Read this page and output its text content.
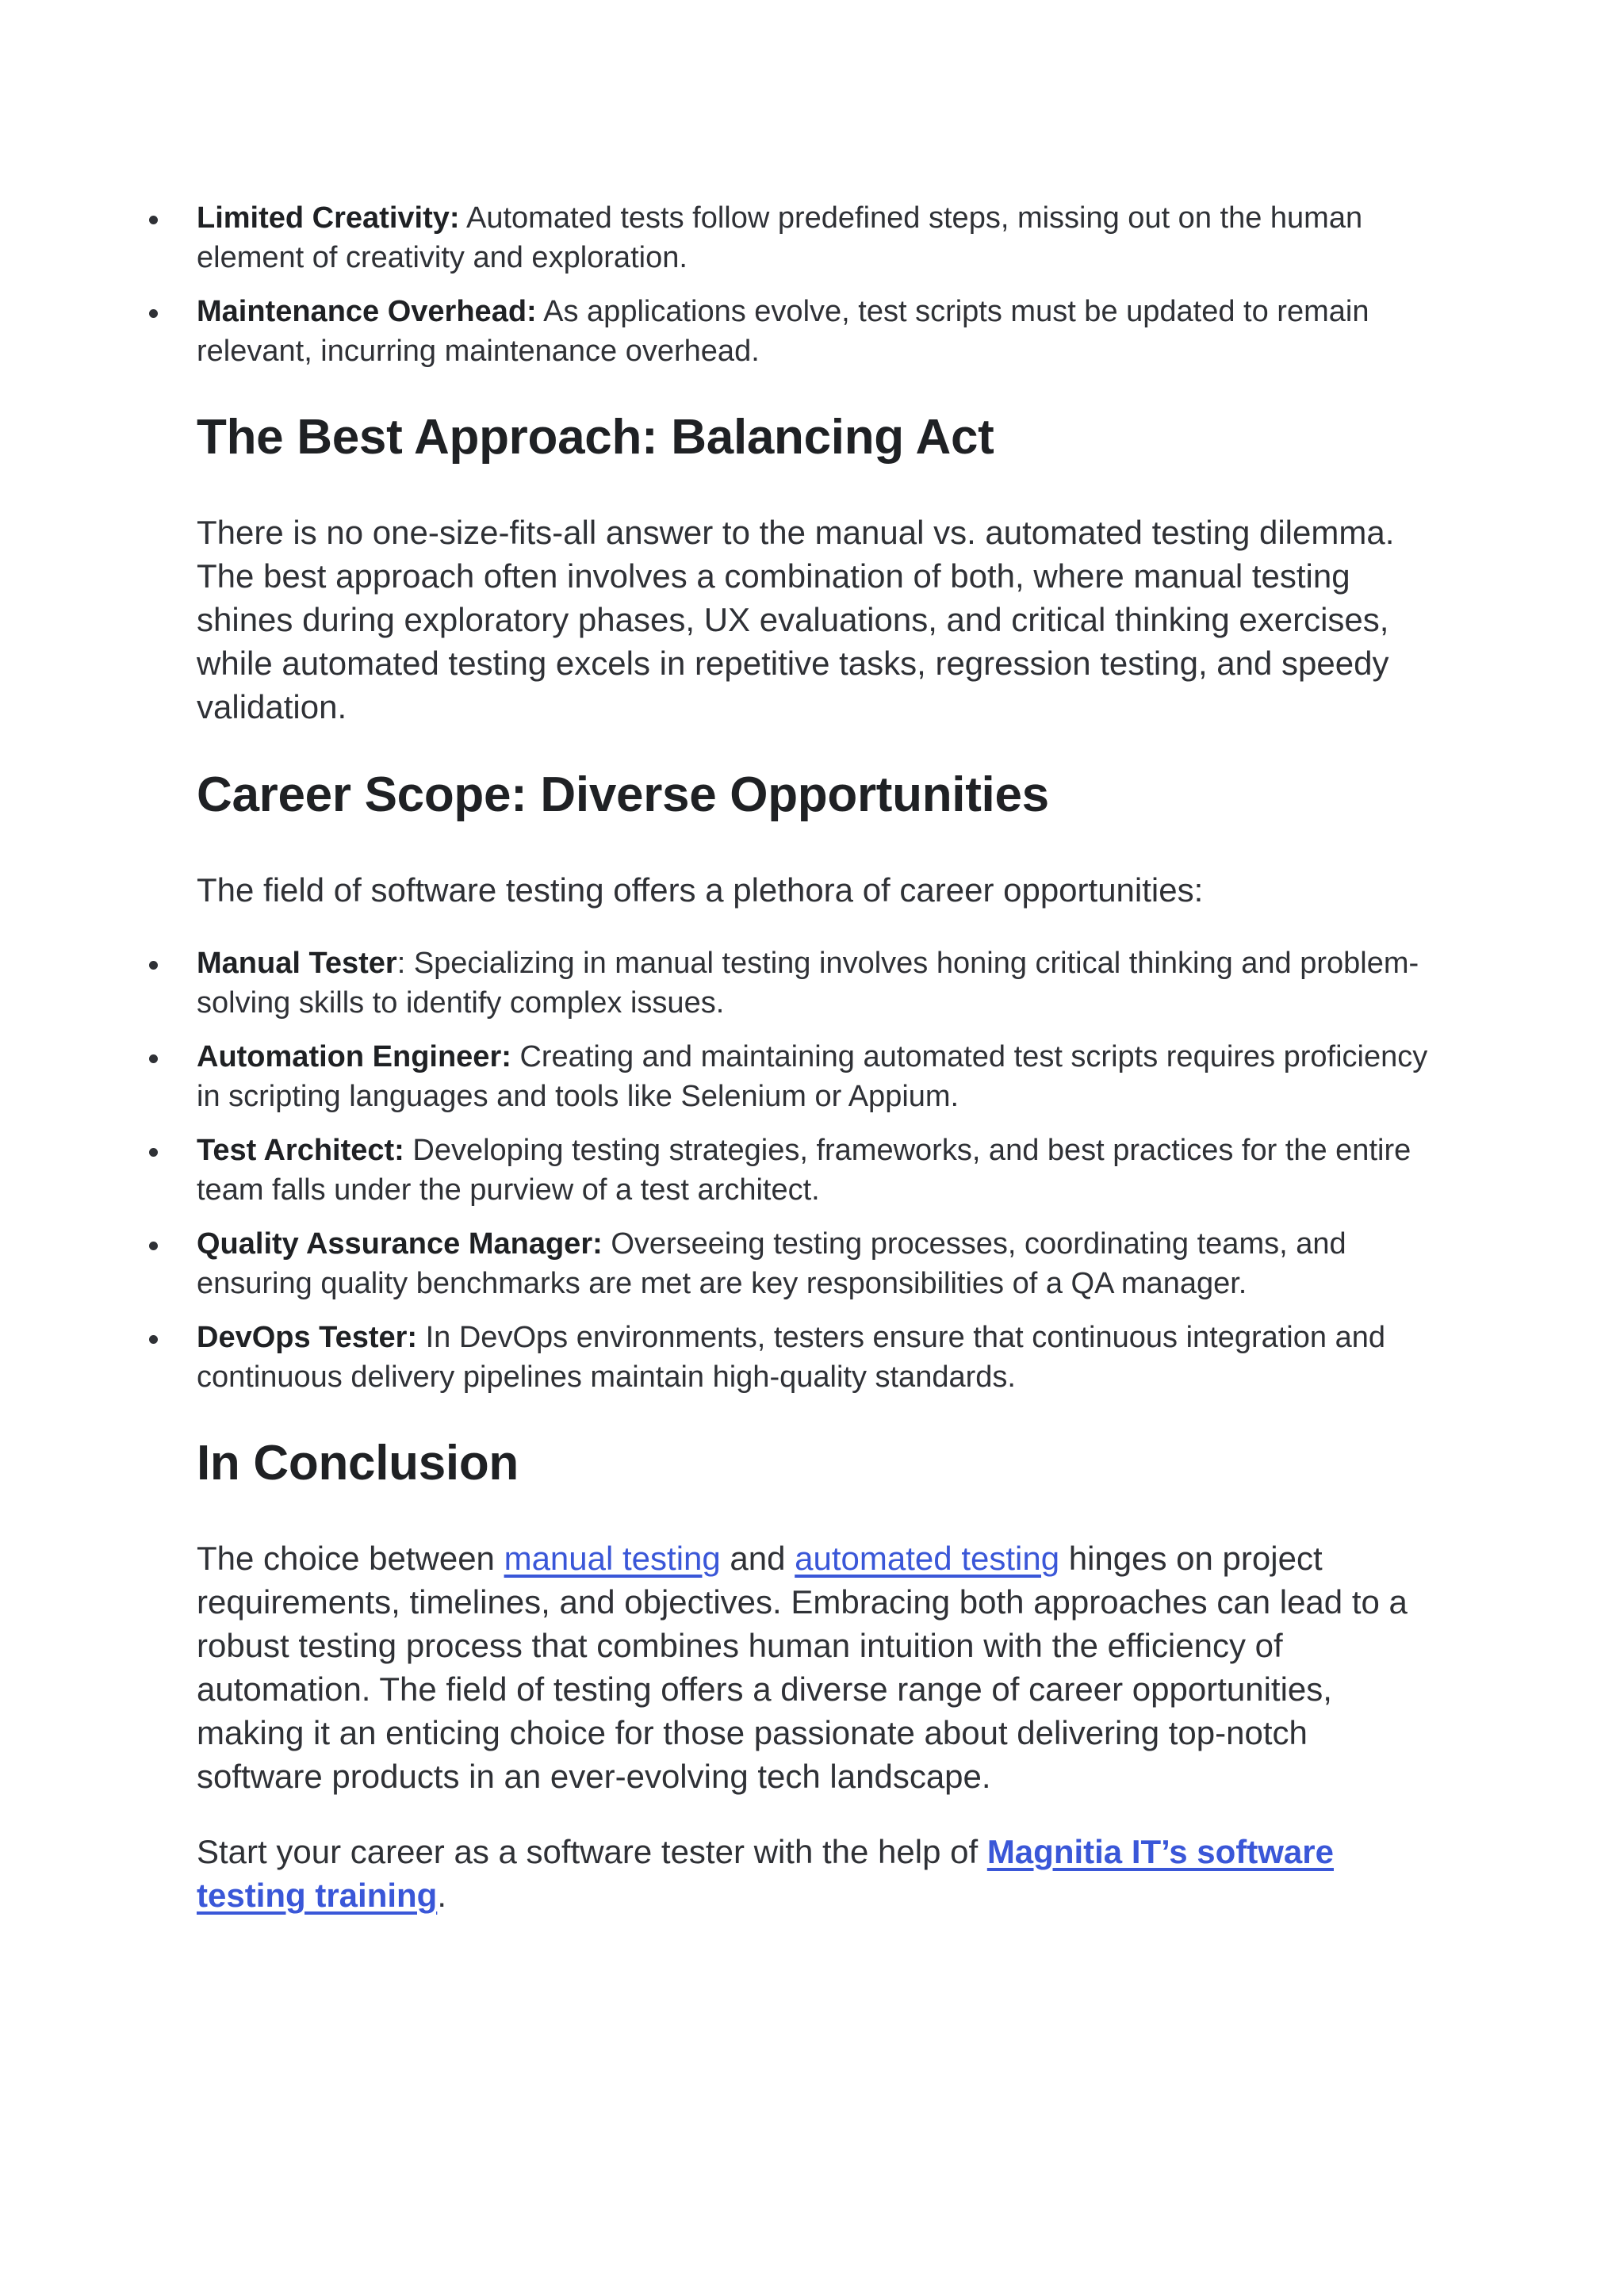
Limited Creativity: Automated tests follow predefined steps, missing out on the human element of creativity and exploration.
Maintenance Overhead: As applications evolve, test scripts must be updated to remain relevant, incurring maintenance overhead.
The Best Approach: Balancing Act

There is no one-size-fits-all answer to the manual vs. automated testing dilemma. The best approach often involves a combination of both, where manual testing shines during exploratory phases, UX evaluations, and critical thinking exercises, while automated testing excels in repetitive tasks, regression testing, and speedy validation.

Career Scope: Diverse Opportunities

The field of software testing offers a plethora of career opportunities:

Manual Tester: Specializing in manual testing involves honing critical thinking and problem-solving skills to identify complex issues.
Automation Engineer: Creating and maintaining automated test scripts requires proficiency in scripting languages and tools like Selenium or Appium.
Test Architect: Developing testing strategies, frameworks, and best practices for the entire team falls under the purview of a test architect.
Quality Assurance Manager: Overseeing testing processes, coordinating teams, and ensuring quality benchmarks are met are key responsibilities of a QA manager.
DevOps Tester: In DevOps environments, testers ensure that continuous integration and continuous delivery pipelines maintain high-quality standards.
In Conclusion

The choice between manual testing and automated testing hinges on project requirements, timelines, and objectives. Embracing both approaches can lead to a robust testing process that combines human intuition with the efficiency of automation. The field of testing offers a diverse range of career opportunities, making it an enticing choice for those passionate about delivering top-notch software products in an ever-evolving tech landscape.

Start your career as a software tester with the help of Magnitia IT’s software testing training.
